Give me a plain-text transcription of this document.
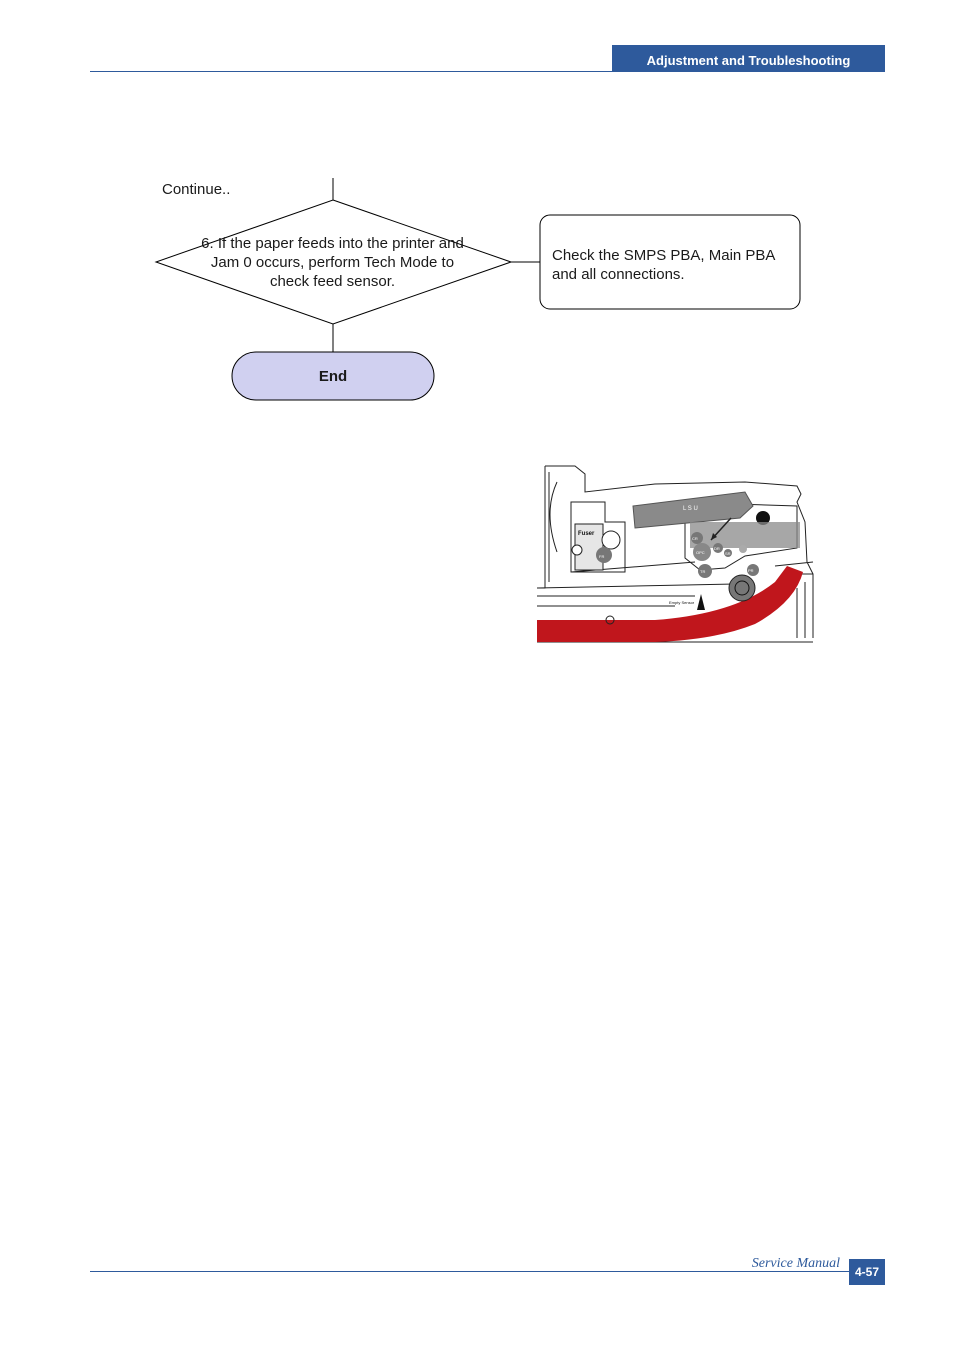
Adjustment and Troubleshooting
Continue..
6. If the paper feeds into the printer and Jam 0 occurs, perform Tech Mode to check feed sensor.
Check the SMPS PBA, Main PBA and all connections.
End
L S U
Fuser
FR
CR
OPC
DR
SR
TR	PR
Empty Sensor
Service Manual
4-57
